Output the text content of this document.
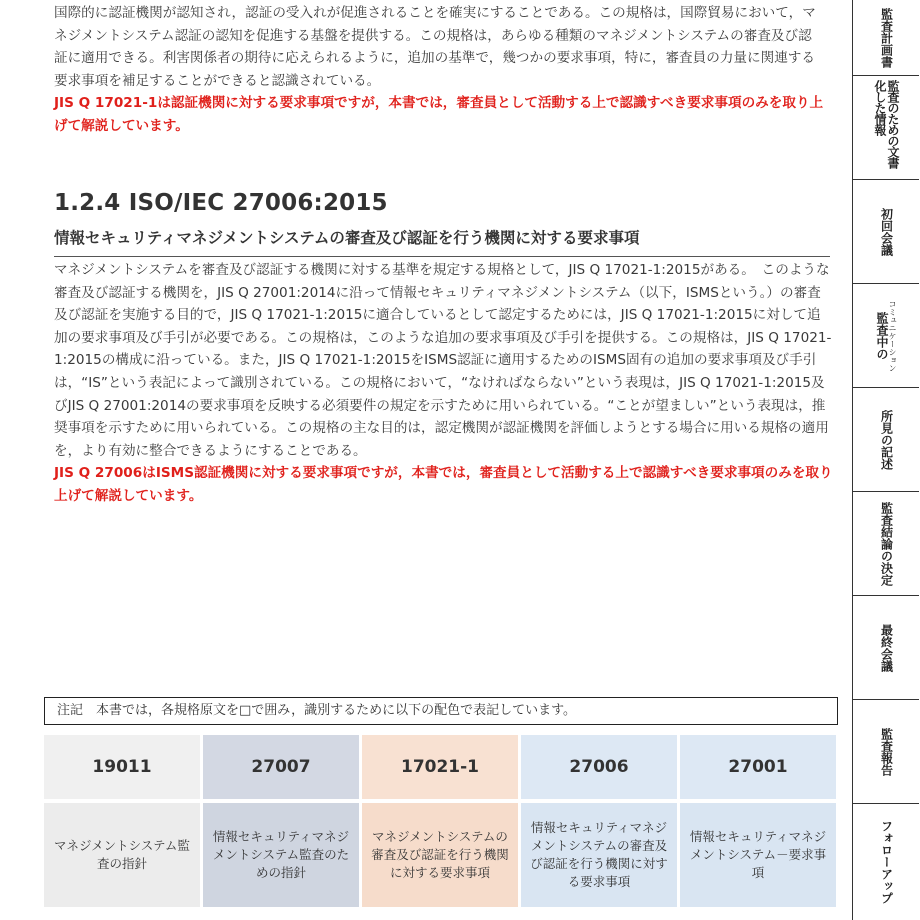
国際的に認証機関が認知され，認証の受入れが促進されることを確実にすることである。この規格は，国際貿易において，マネジメントシステム認証の認知を促進する基盤を提供する。この規格は，あらゆる種類のマネジメントシステムの審査及び認証に適用できる。利害関係者の期待に応えられるように，追加の基準で，幾つかの要求事項，特に，審査員の力量に関連する要求事項を補足することができると認識されている。
JIS Q 17021-1は認証機関に対する要求事項ですが，本書では，審査員として活動する上で認識すべき要求事項のみを取り上げて解説しています。

1.2.4 ISO/IEC 27006:2015
情報セキュリティマネジメントシステムの審査及び認証を行う機関に対する要求事項

マネジメントシステムを審査及び認証する機関に対する基準を規定する規格として，JIS Q 17021-1:2015がある。　このような審査及び認証する機関を，JIS Q 27001:2014に沿って情報セキュリティマネジメントシステム（以下，ISMSという。）の審査及び認証を実施する目的で，JIS Q 17021-1:2015に適合しているとして認定するためには，JIS Q 17021-1:2015に対して追加の要求事項及び手引が必要である。この規格は，このような追加の要求事項及び手引を提供する。この規格は，JIS Q 17021-1:2015の構成に沿っている。また，JIS Q 17021-1:2015をISMS認証に適用するためのISMS固有の追加の要求事項及び手引は，“IS”という表記によって識別されている。この規格において，“なければならない”という表現は，JIS Q 17021-1:2015及びJIS Q 27001:2014の要求事項を反映する必須要件の規定を示すために用いられている。“ことが望ましい”という表現は，推奨事項を示すために用いられている。この規格の主な目的は，認定機関が認証機関を評価しようとする場合に用いる規格の適用を，より有効に整合できるようにすることである。
JIS Q 27006はISMS認証機関に対する要求事項ですが，本書では，審査員として活動する上で認識すべき要求事項のみを取り上げて解説しています。

注記　本書では，各規格原文を□で囲み，識別するために以下の配色で表記しています。
19011
マネジメントシステム監査の指針
27007
情報セキュリティマネジメントシステム監査のための指針
17021-1
マネジメントシステムの審査及び認証を行う機関に対する要求事項
27006
情報セキュリティマネジメントシステムの審査及び認証を行う機関に対する要求事項
27001
情報セキュリティマネジメントシステム－要求事項
監査計画書
監査のための文書化した情報
初回会議
監査中の コミュニケーション
所見の記述
監査結論の決定
最終会議
監査報告
フォローアップ
